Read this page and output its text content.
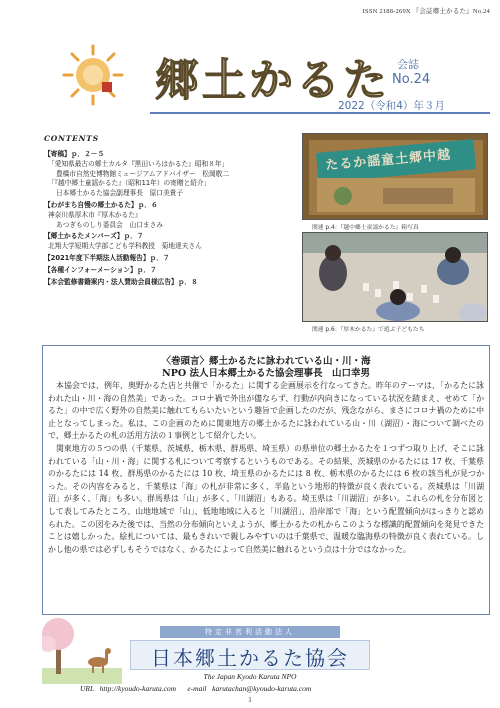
ISSN 2188-269X 『会誌郷土かるた』No.24
郷土かるた 会誌
No.24
2022（令和4）年３月
CONTENTS
【寄稿】ｐ．２－５
「愛知県最古の郷土カルタ『黒田いろはかるた』昭和８年」
豊橋市自然史博物館ミュージアムアドバイザー　松岡敬二
「『越中郷土童謡かるた』（昭和11年）の寄贈と紹介」
日本郷土かるた協会副理事長　原口美貴子
【わがまち自慢の郷土かるた】ｐ．６
神奈川県厚木市『厚木かるた』
あつぎものしり委員会　山口まさみ
【郷土かるたメンバーズ】ｐ．７
北翔大学短期大学部こども学科教授　菊地達夫さん
【2021年度下半期法人活動報告】ｐ．７
【各種インフォーメーション】ｐ．７
【本会監修書籍案内・法人賛助会員様広告】ｐ．８
たるか謡童土郷中越
関連 p.4：『越中郷土童謡かるた』箱写真
関連 p.6：『厚木かるた』で遊ぶ子どもたち
〈巻頭言〉郷土かるたに詠われている山・川・海
NPO 法人日本郷土かるた協会理事長　山口幸男

本協会では、例年、奥野かるた店と共催で「かるた」に関する企画展示を行なってきた。昨年のテーマは、「かるたに詠われた山・川・海の自然美」であった。コロナ禍で外出が儘ならず、行動が内向きになっている状況を踏まえ、せめて「かるた」の中で広く野外の自然美に触れてもらいたいという趣旨で企画したのだが、残念ながら、まさにコロナ禍のために中止となってしまった。私は、この企画のために関東地方の郷土かるたに詠われている山・川（湖沼）・海について調べたので、郷土かるたの札の活用方法の１事例として紹介したい。

関東地方の５つの県（千葉県、茨城県、栃木県、群馬県、埼玉県）の県単位の郷土かるたを１つずつ取り上げ、そこに詠われている「山・川・海」に関する札について考察するというものである。その結果、茨城県のかるたには 17 枚、千葉県のかるたには 14 枚、群馬県のかるたには 10 枚、埼玉県のかるたには 8 枚、栃木県のかるたには 6 枚の該当札が見つかった。その内容をみると、千葉県は「海」の札が非常に多く、半島という地形的特徴が良く表れている。茨城県は「川湖沼」が多く、「海」も多い。群馬県は「山」が多く、「川湖沼」もある。埼玉県は「川湖沼」が多い。これらの札を分布図として表してみたところ、山地地域で「山」、低地地域に入ると「川湖沼」、沿岸部で「海」という配置傾向がはっきりと認められた。この図をみた後では、当然の分布傾向といえようが、郷土かるたの札からこのような標識的配置傾向を発見できたことは嬉しかった。絵札については、最もきれいで親しみやすいのは千葉県で、温暖な臨海県の特徴が良く表れている。しかし他の県では必ずしもそうではなく、かるたによって自然美に触れるという点は十分ではなかった。

特定非営利活動法人
日本郷土かるた協会
The Japan Kyodo Karuta NPO
URL   http://kyoudo-karuta.com      e-mail   karutachan@kyoudo-karuta.com
1
